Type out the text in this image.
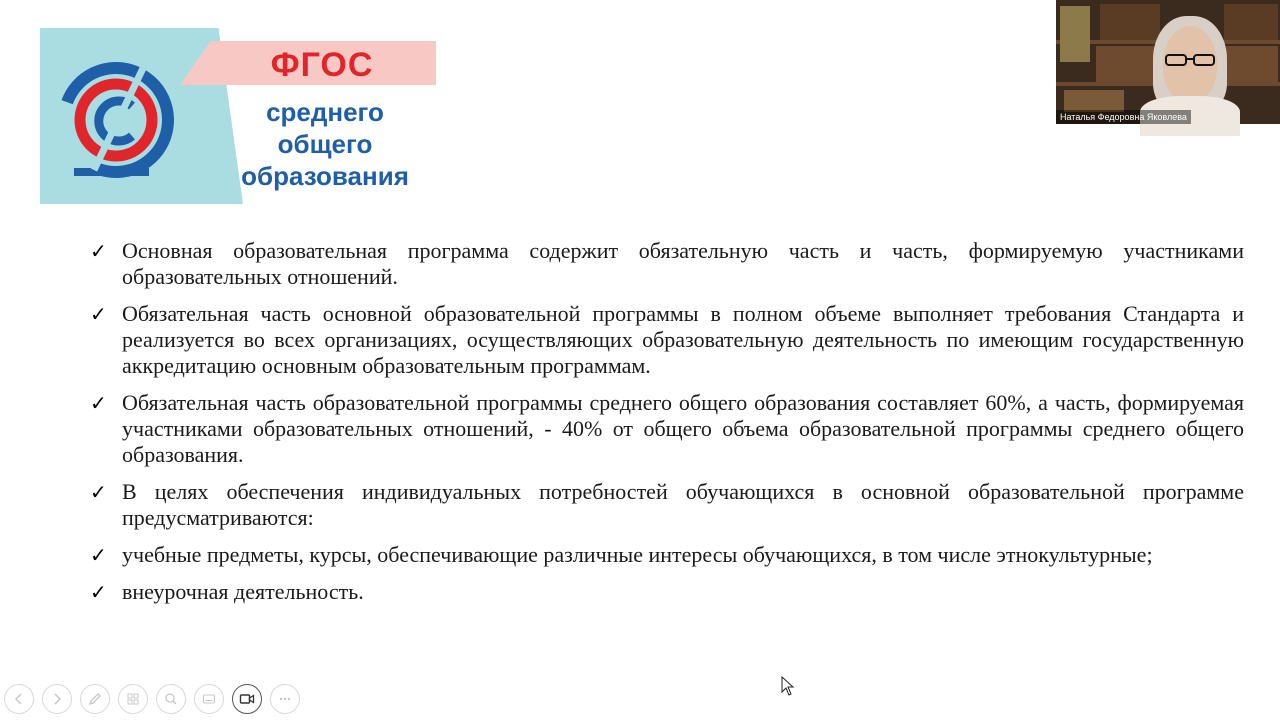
ФГОС
среднего
общего
образования
Наталья Федоровна Яковлева
✓ Основная образовательная программа содержит обязательную часть и часть, формируемую участниками образовательных отношений.
✓ Обязательная часть основной образовательной программы в полном объеме выполняет требования Стандарта и реализуется во всех организациях, осуществляющих образовательную деятельность по имеющим государственную аккредитацию основным образовательным программам.
✓ Обязательная часть образовательной программы среднего общего образования составляет 60%, а часть, формируемая участниками образовательных отношений, - 40% от общего объема образовательной программы среднего общего образования.
✓ В целях обеспечения индивидуальных потребностей обучающихся в основной образовательной программе предусматриваются:
✓ учебные предметы, курсы, обеспечивающие различные интересы обучающихся, в том числе этнокультурные;
✓ внеурочная деятельность.
